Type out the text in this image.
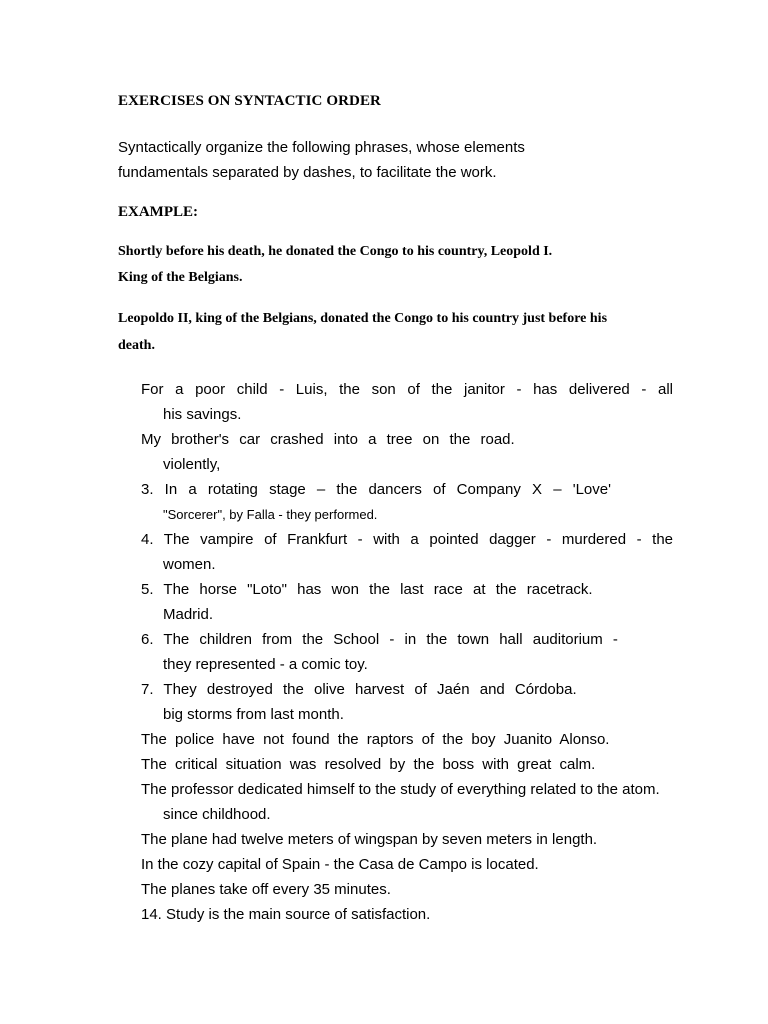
EXERCISES ON SYNTACTIC ORDER
Syntactically organize the following phrases, whose elements
fundamentals separated by dashes, to facilitate the work.
EXAMPLE:
Shortly before his death, he donated the Congo to his country, Leopold I.
King of the Belgians.
Leopoldo II, king of the Belgians, donated the Congo to his country just before his
death.
For a poor child - Luis, the son of the janitor - has delivered - all
his savings.
My brother's car crashed into a tree on the road.
violently,
3. In a rotating stage – the dancers of Company X – 'Love'
"Sorcerer", by Falla - they performed.
4. The vampire of Frankfurt - with a pointed dagger - murdered - the
women.
5. The horse "Loto" has won the last race at the racetrack.
Madrid.
6. The children from the School - in the town hall auditorium -
they represented - a comic toy.
7. They destroyed the olive harvest of Jaén and Córdoba.
big storms from last month.
The police have not found the raptors of the boy Juanito Alonso.
The critical situation was resolved by the boss with great calm.
The professor dedicated himself to the study of everything related to the atom.
since childhood.
The plane had twelve meters of wingspan by seven meters in length.
In the cozy capital of Spain - the Casa de Campo is located.
The planes take off every 35 minutes.
14. Study is the main source of satisfaction.
